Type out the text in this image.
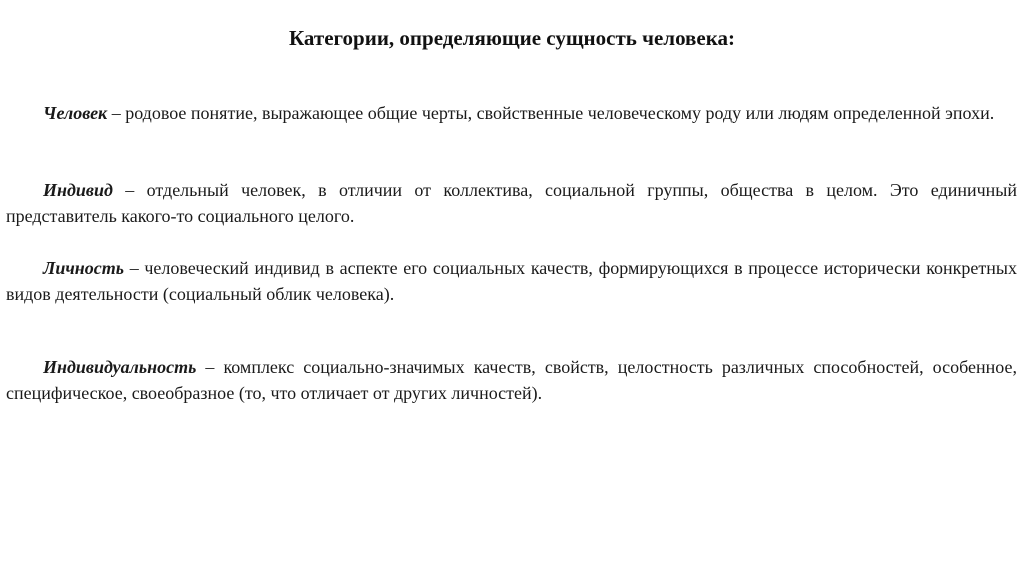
Категории, определяющие сущность человека:

Человек – родовое понятие, выражающее общие черты, свойственные человеческому роду или людям определенной эпохи.

Индивид – отдельный человек, в отличии от коллектива, социальной группы, общества в целом. Это единичный представитель какого-то социального целого.

Личность – человеческий индивид в аспекте его социальных качеств, формирующихся в процессе исторически конкретных видов деятельности (социальный облик человека).

Индивидуальность – комплекс социально-значимых качеств, свойств, целостность различных способностей, особенное, специфическое, своеобразное (то, что отличает от других личностей).
